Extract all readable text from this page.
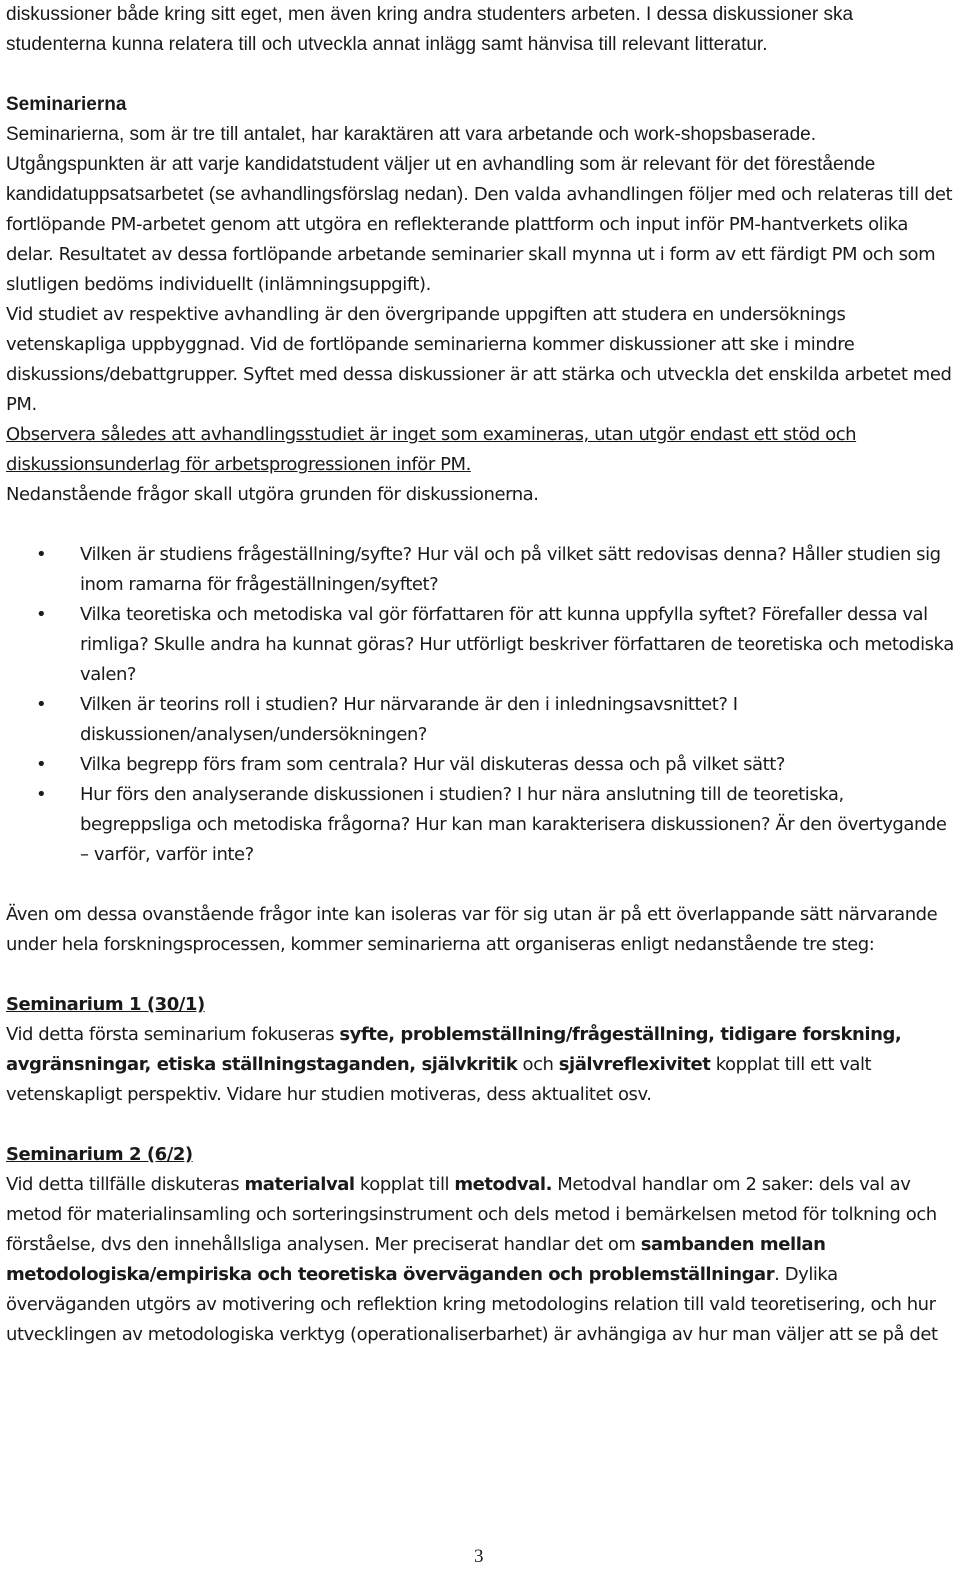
diskussioner både kring sitt eget, men även kring andra studenters arbeten. I dessa diskussioner ska studenterna kunna relatera till och utveckla annat inlägg samt hänvisa till relevant litteratur.

Seminarierna

Seminarierna, som är tre till antalet, har karaktären att vara arbetande och work-shopsbaserade. Utgångspunkten är att varje kandidatstudent väljer ut en avhandling som är relevant för det förestående kandidatuppsatsarbetet (se avhandlingsförslag nedan). Den valda avhandlingen följer med och relateras till det fortlöpande PM-arbetet genom att utgöra en reflekterande plattform och input inför PM-hantverkets olika delar. Resultatet av dessa fortlöpande arbetande seminarier skall mynna ut i form av ett färdigt PM och som slutligen bedöms individuellt (inlämningsuppgift).

Vid studiet av respektive avhandling är den övergripande uppgiften att studera en undersöknings vetenskapliga uppbyggnad. Vid de fortlöpande seminarierna kommer diskussioner att ske i mindre diskussions/debattgrupper. Syftet med dessa diskussioner är att stärka och utveckla det enskilda arbetet med PM.

Observera således att avhandlingsstudiet är inget som examineras, utan utgör endast ett stöd och diskussionsunderlag för arbetsprogressionen inför PM.

Nedanstående frågor skall utgöra grunden för diskussionerna.

• Vilken är studiens frågeställning/syfte? Hur väl och på vilket sätt redovisas denna? Håller studien sig inom ramarna för frågeställningen/syftet?
• Vilka teoretiska och metodiska val gör författaren för att kunna uppfylla syftet? Förefaller dessa val rimliga? Skulle andra ha kunnat göras? Hur utförligt beskriver författaren de teoretiska och metodiska valen?
• Vilken är teorins roll i studien? Hur närvarande är den i inledningsavsnittet? I diskussionen/analysen/undersökningen?
• Vilka begrepp förs fram som centrala? Hur väl diskuteras dessa och på vilket sätt?
• Hur förs den analyserande diskussionen i studien? I hur nära anslutning till de teoretiska, begreppsliga och metodiska frågorna? Hur kan man karakterisera diskussionen? Är den övertygande – varför, varför inte?

Även om dessa ovanstående frågor inte kan isoleras var för sig utan är på ett överlappande sätt närvarande under hela forskningsprocessen, kommer seminarierna att organiseras enligt nedanstående tre steg:

Seminarium 1 (30/1)

Vid detta första seminarium fokuseras syfte, problemställning/frågeställning, tidigare forskning, avgränsningar, etiska ställningstaganden, självkritik och självreflexivitet kopplat till ett valt vetenskapligt perspektiv. Vidare hur studien motiveras, dess aktualitet osv.

Seminarium 2 (6/2)

Vid detta tillfälle diskuteras materialval kopplat till metodval. Metodval handlar om 2 saker: dels val av metod för materialinsamling och sorteringsinstrument och dels metod i bemärkelsen metod för tolkning och förståelse, dvs den innehållsliga analysen. Mer preciserat handlar det om sambanden mellan metodologiska/empiriska och teoretiska överväganden och problemställningar. Dylika överväganden utgörs av motivering och reflektion kring metodologins relation till vald teoretisering, och hur utvecklingen av metodologiska verktyg (operationaliserbarhet) är avhängiga av hur man väljer att se på det

3
